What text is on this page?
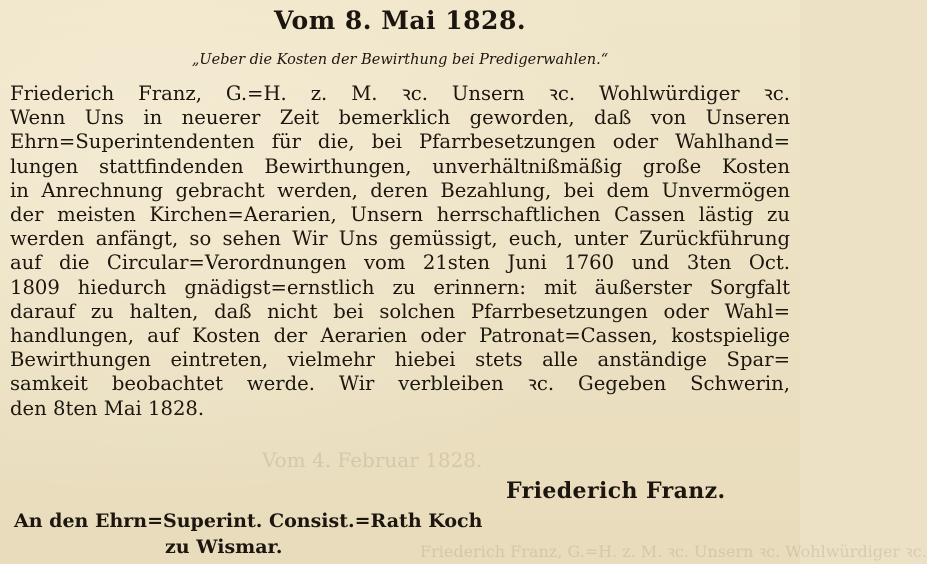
Vom 4. Februar 1828.
Friederich Franz, G.=H. z. M. ꝛc. Unsern ꝛc. Wohlwürdiger ꝛc.
Vom 8. Mai 1828.
„Ueber die Kosten der Bewirthung bei Predigerwahlen.“
Friederich Franz, G.=H. z. M. ꝛc. Unsern ꝛc. Wohlwürdiger ꝛc.
Wenn Uns in neuerer Zeit bemerklich geworden, daß von Unseren
Ehrn=Superintendenten für die, bei Pfarrbesetzungen oder Wahlhand=
lungen stattfindenden Bewirthungen, unverhältnißmäßig große Kosten
in Anrechnung gebracht werden, deren Bezahlung, bei dem Unvermögen
der meisten Kirchen=Aerarien, Unsern herrschaftlichen Cassen lästig zu
werden anfängt, so sehen Wir Uns gemüssigt, euch, unter Zurückführung
auf die Circular=Verordnungen vom 21sten Juni 1760 und 3ten Oct.
1809 hiedurch gnädigst=ernstlich zu erinnern: mit äußerster Sorgfalt
darauf zu halten, daß nicht bei solchen Pfarrbesetzungen oder Wahl=
handlungen, auf Kosten der Aerarien oder Patronat=Cassen, kostspielige
Bewirthungen eintreten, vielmehr hiebei stets alle anständige Spar=
samkeit beobachtet werde. Wir verbleiben ꝛc. Gegeben Schwerin,
den 8ten Mai 1828.
Friederich Franz.
An den Ehrn=Superint. Consist.=Rath Koch
zu Wismar.
